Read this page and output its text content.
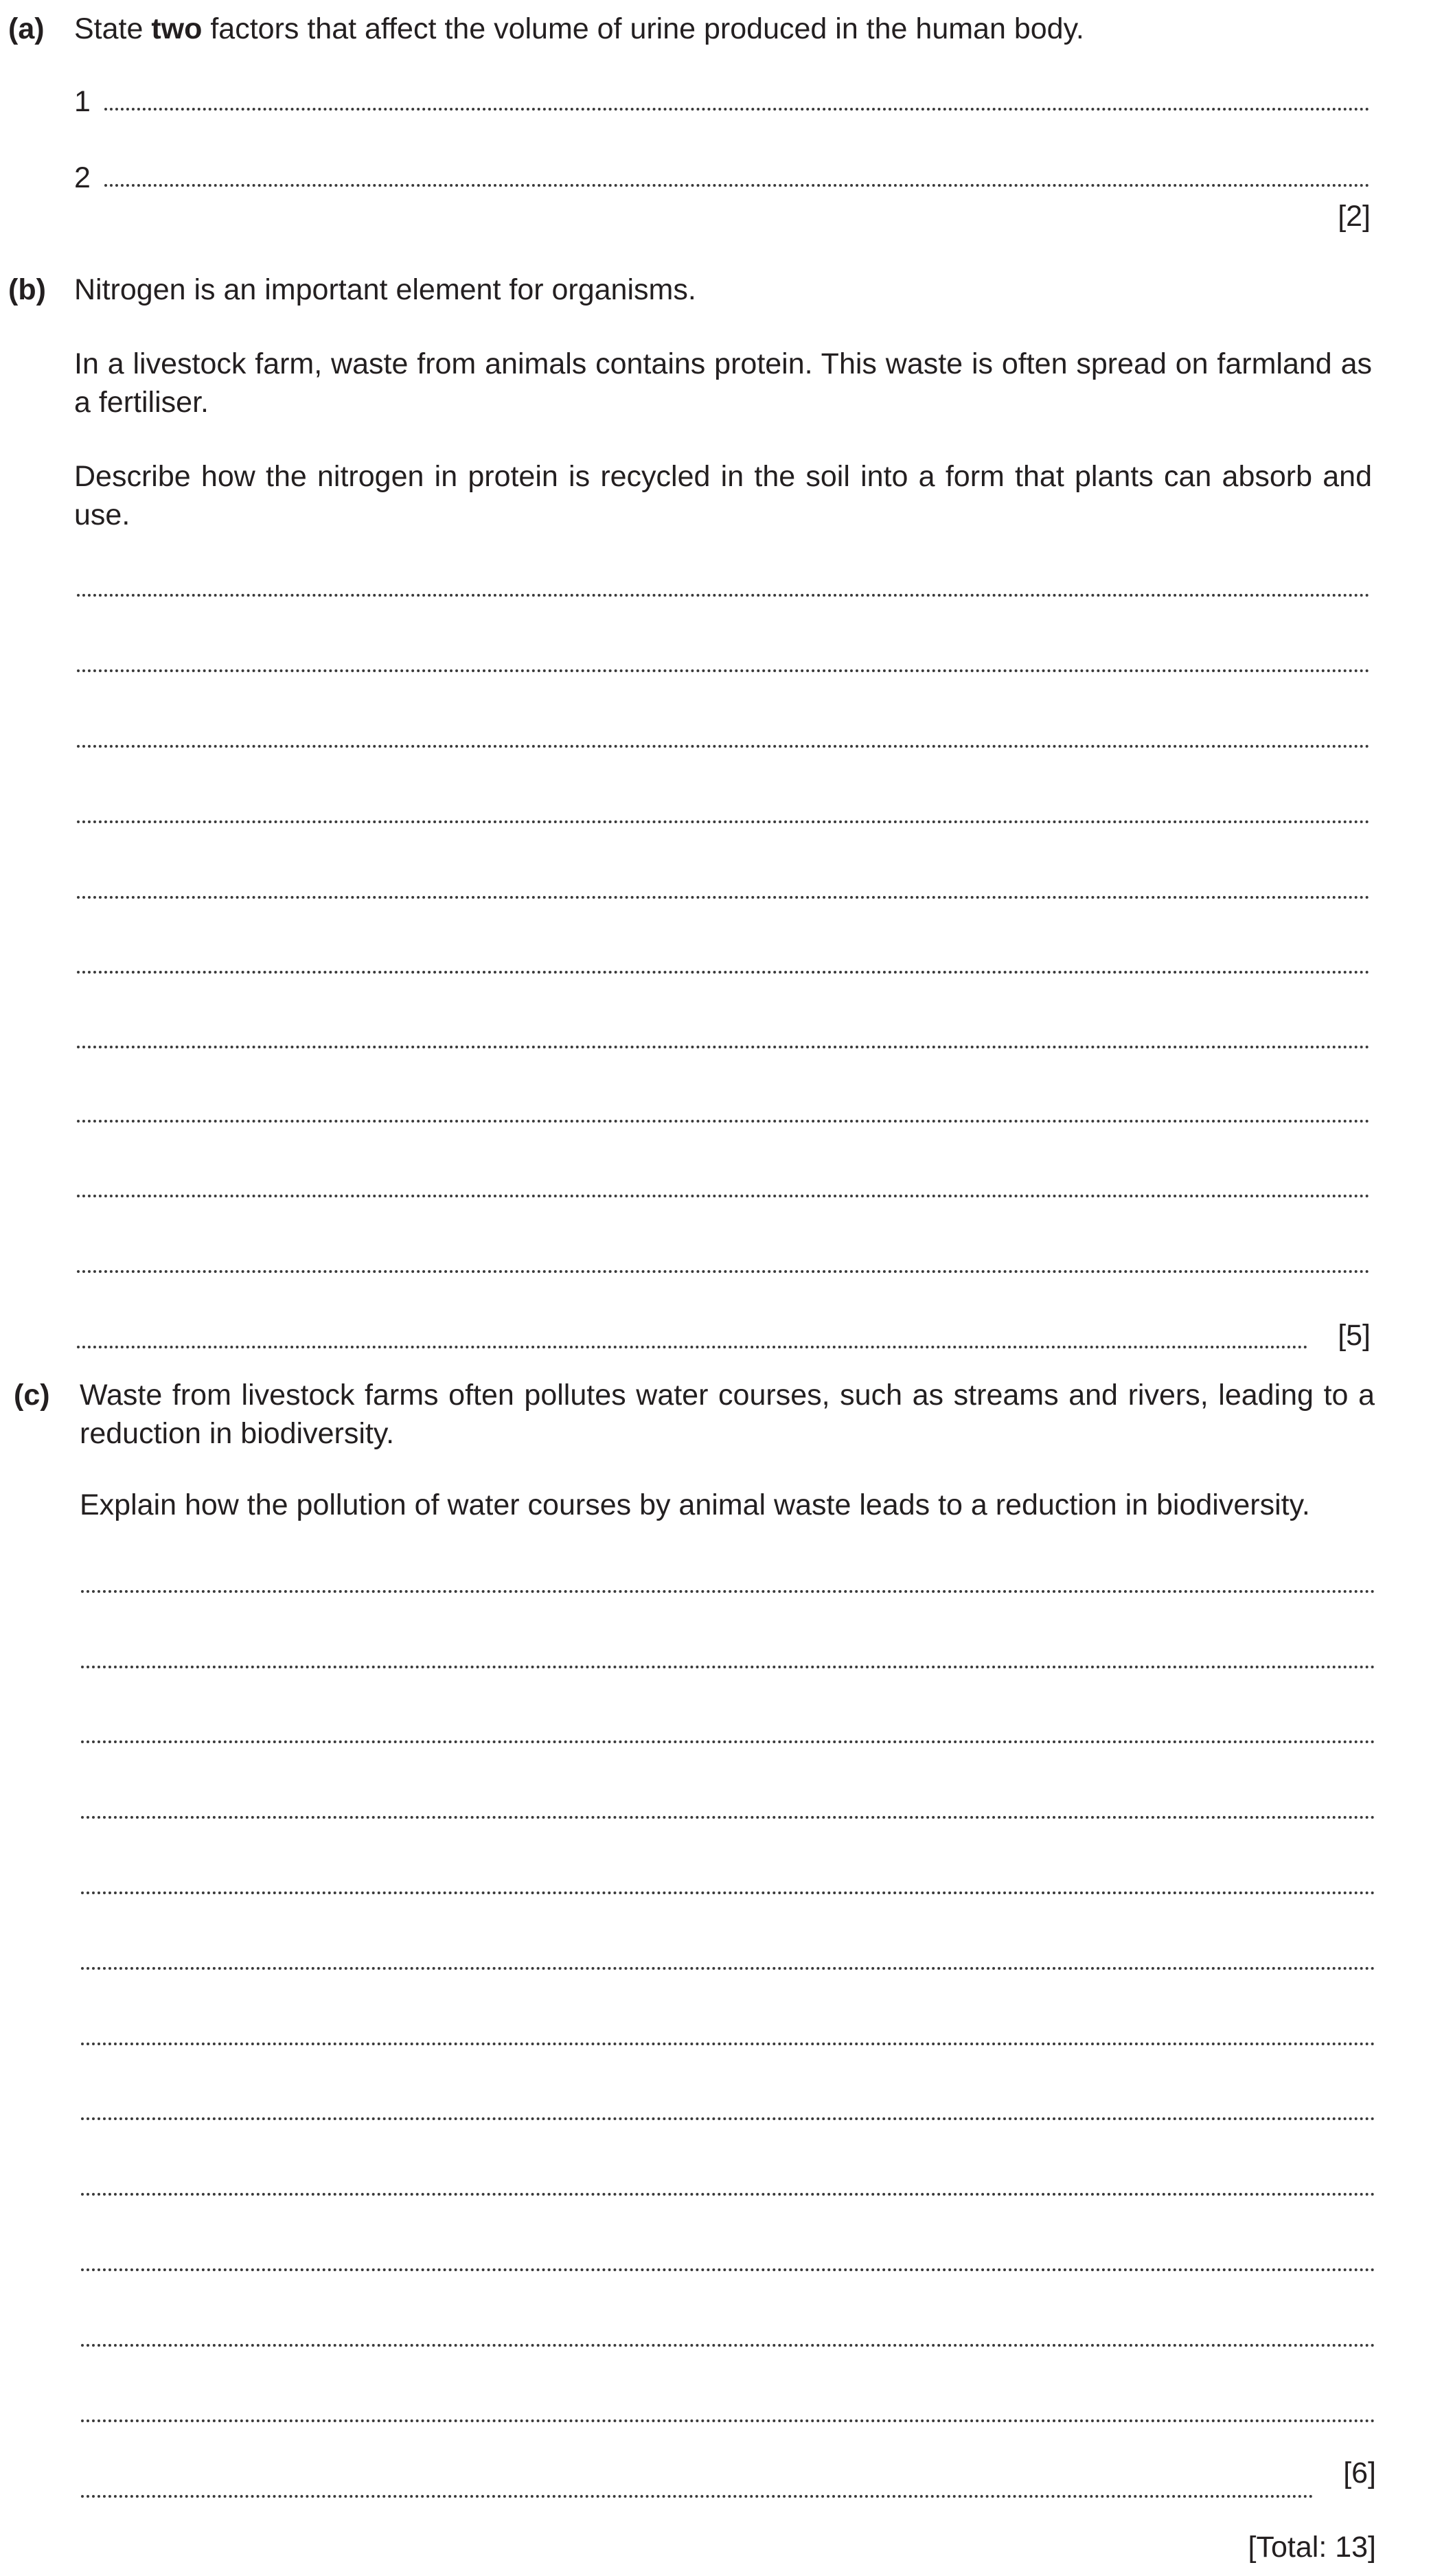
(a) State two factors that affect the volume of urine produced in the human body.
1
2
[2]
(b) Nitrogen is an important element for organisms.
In a livestock farm, waste from animals contains protein. This waste is often spread on farmland as a fertiliser.
Describe how the nitrogen in protein is recycled in the soil into a form that plants can absorb and use.
[5]
(c) Waste from livestock farms often pollutes water courses, such as streams and rivers, leading to a reduction in biodiversity.
Explain how the pollution of water courses by animal waste leads to a reduction in biodiversity.
[6]
[Total: 13]
